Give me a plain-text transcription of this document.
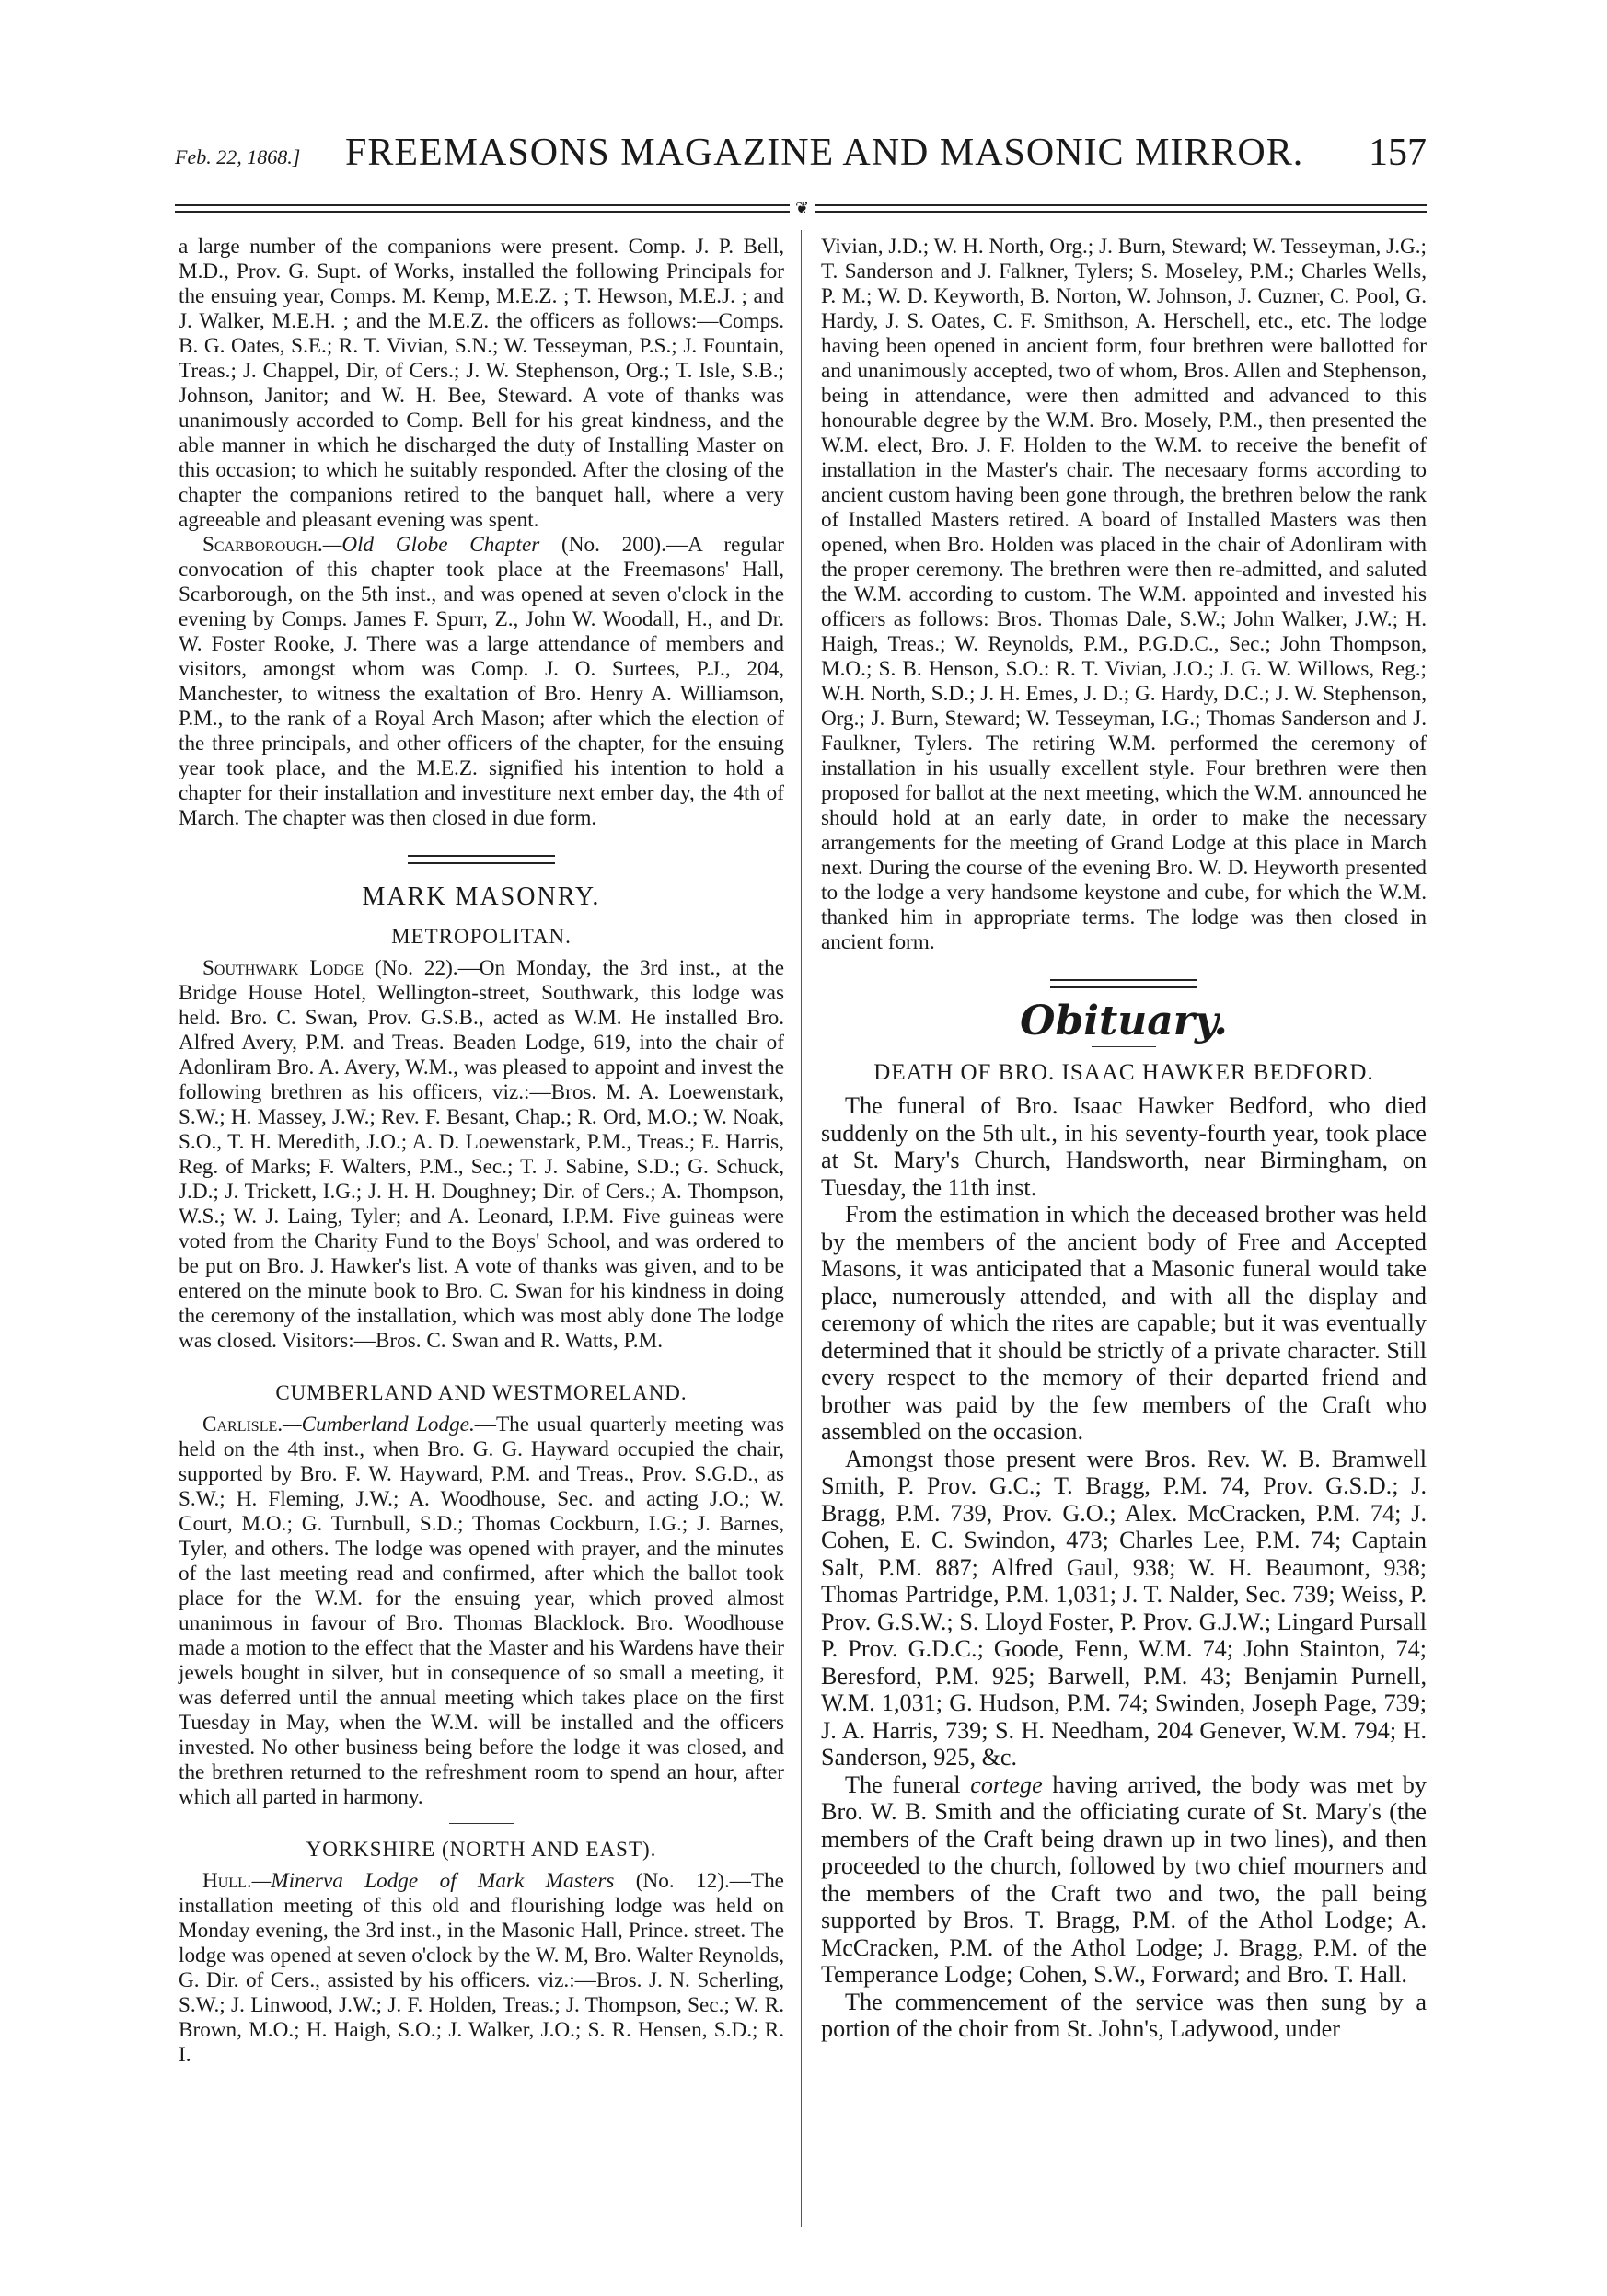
Feb. 22, 1868.] FREEMASONS MAGAZINE AND MASONIC MIRROR. 157
❦

a large number of the companions were present. Comp. J. P. Bell, M.D., Prov. G. Supt. of Works, installed the following Principals for the ensuing year, Comps. M. Kemp, M.E.Z. ; T. Hewson, M.E.J. ; and J. Walker, M.E.H. ; and the M.E.Z. the officers as follows:—Comps. B. G. Oates, S.E.; R. T. Vivian, S.N.; W. Tesseyman, P.S.; J. Fountain, Treas.; J. Chappel, Dir, of Cers.; J. W. Stephenson, Org.; T. Isle, S.B.; Johnson, Janitor; and W. H. Bee, Steward. A vote of thanks was unanimously accorded to Comp. Bell for his great kindness, and the able manner in which he discharged the duty of Installing Master on this occasion; to which he suitably responded. After the closing of the chapter the companions retired to the banquet hall, where a very agreeable and pleasant evening was spent.

Scarborough.—Old Globe Chapter (No. 200).—A regular convocation of this chapter took place at the Freemasons' Hall, Scarborough, on the 5th inst., and was opened at seven o'clock in the evening by Comps. James F. Spurr, Z., John W. Woodall, H., and Dr. W. Foster Rooke, J. There was a large attendance of members and visitors, amongst whom was Comp. J. O. Surtees, P.J., 204, Manchester, to witness the exaltation of Bro. Henry A. Williamson, P.M., to the rank of a Royal Arch Mason; after which the election of the three principals, and other officers of the chapter, for the ensuing year took place, and the M.E.Z. signified his intention to hold a chapter for their installation and investiture next ember day, the 4th of March. The chapter was then closed in due form.

MARK MASONRY.
METROPOLITAN.

Southwark Lodge (No. 22).—On Monday, the 3rd inst., at the Bridge House Hotel, Wellington-street, Southwark, this lodge was held. Bro. C. Swan, Prov. G.S.B., acted as W.M. He installed Bro. Alfred Avery, P.M. and Treas. Beaden Lodge, 619, into the chair of Adonliram Bro. A. Avery, W.M., was pleased to appoint and invest the following brethren as his officers, viz.:—Bros. M. A. Loewenstark, S.W.; H. Massey, J.W.; Rev. F. Besant, Chap.; R. Ord, M.O.; W. Noak, S.O., T. H. Meredith, J.O.; A. D. Loewenstark, P.M., Treas.; E. Harris, Reg. of Marks; F. Walters, P.M., Sec.; T. J. Sabine, S.D.; G. Schuck, J.D.; J. Trickett, I.G.; J. H. H. Doughney; Dir. of Cers.; A. Thompson, W.S.; W. J. Laing, Tyler; and A. Leonard, I.P.M. Five guineas were voted from the Charity Fund to the Boys' School, and was ordered to be put on Bro. J. Hawker's list. A vote of thanks was given, and to be entered on the minute book to Bro. C. Swan for his kindness in doing the ceremony of the installation, which was most ably done The lodge was closed. Visitors:—Bros. C. Swan and R. Watts, P.M.

CUMBERLAND AND WESTMORELAND.

Carlisle.—Cumberland Lodge.—The usual quarterly meeting was held on the 4th inst., when Bro. G. G. Hayward occupied the chair, supported by Bro. F. W. Hayward, P.M. and Treas., Prov. S.G.D., as S.W.; H. Fleming, J.W.; A. Woodhouse, Sec. and acting J.O.; W. Court, M.O.; G. Turnbull, S.D.; Thomas Cockburn, I.G.; J. Barnes, Tyler, and others. The lodge was opened with prayer, and the minutes of the last meeting read and confirmed, after which the ballot took place for the W.M. for the ensuing year, which proved almost unanimous in favour of Bro. Thomas Blacklock. Bro. Woodhouse made a motion to the effect that the Master and his Wardens have their jewels bought in silver, but in consequence of so small a meeting, it was deferred until the annual meeting which takes place on the first Tuesday in May, when the W.M. will be installed and the officers invested. No other business being before the lodge it was closed, and the brethren returned to the refreshment room to spend an hour, after which all parted in harmony.

YORKSHIRE (NORTH AND EAST).

Hull.—Minerva Lodge of Mark Masters (No. 12).—The installation meeting of this old and flourishing lodge was held on Monday evening, the 3rd inst., in the Masonic Hall, Prince. street. The lodge was opened at seven o'clock by the W. M, Bro. Walter Reynolds, G. Dir. of Cers., assisted by his officers. viz.:—Bros. J. N. Scherling, S.W.; J. Linwood, J.W.; J. F. Holden, Treas.; J. Thompson, Sec.; W. R. Brown, M.O.; H. Haigh, S.O.; J. Walker, J.O.; S. R. Hensen, S.D.; R. I.

Vivian, J.D.; W. H. North, Org.; J. Burn, Steward; W. Tesseyman, J.G.; T. Sanderson and J. Falkner, Tylers; S. Moseley, P.M.; Charles Wells, P. M.; W. D. Keyworth, B. Norton, W. Johnson, J. Cuzner, C. Pool, G. Hardy, J. S. Oates, C. F. Smithson, A. Herschell, etc., etc. The lodge having been opened in ancient form, four brethren were ballotted for and unanimously accepted, two of whom, Bros. Allen and Stephenson, being in attendance, were then admitted and advanced to this honourable degree by the W.M. Bro. Mosely, P.M., then presented the W.M. elect, Bro. J. F. Holden to the W.M. to receive the benefit of installation in the Master's chair. The necesaary forms according to ancient custom having been gone through, the brethren below the rank of Installed Masters retired. A board of Installed Masters was then opened, when Bro. Holden was placed in the chair of Adonliram with the proper ceremony. The brethren were then re-admitted, and saluted the W.M. according to custom. The W.M. appointed and invested his officers as follows: Bros. Thomas Dale, S.W.; John Walker, J.W.; H. Haigh, Treas.; W. Reynolds, P.M., P.G.D.C., Sec.; John Thompson, M.O.; S. B. Henson, S.O.: R. T. Vivian, J.O.; J. G. W. Willows, Reg.; W.H. North, S.D.; J. H. Emes, J. D.; G. Hardy, D.C.; J. W. Stephenson, Org.; J. Burn, Steward; W. Tesseyman, I.G.; Thomas Sanderson and J. Faulkner, Tylers. The retiring W.M. performed the ceremony of installation in his usually excellent style. Four brethren were then proposed for ballot at the next meeting, which the W.M. announced he should hold at an early date, in order to make the necessary arrangements for the meeting of Grand Lodge at this place in March next. During the course of the evening Bro. W. D. Heyworth presented to the lodge a very handsome keystone and cube, for which the W.M. thanked him in appropriate terms. The lodge was then closed in ancient form.

Obituary.
DEATH OF BRO. ISAAC HAWKER BEDFORD.

The funeral of Bro. Isaac Hawker Bedford, who died suddenly on the 5th ult., in his seventy-fourth year, took place at St. Mary's Church, Handsworth, near Birmingham, on Tuesday, the 11th inst.

From the estimation in which the deceased brother was held by the members of the ancient body of Free and Accepted Masons, it was anticipated that a Masonic funeral would take place, numerously attended, and with all the display and ceremony of which the rites are capable; but it was eventually determined that it should be strictly of a private character. Still every respect to the memory of their departed friend and brother was paid by the few members of the Craft who assembled on the occasion.

Amongst those present were Bros. Rev. W. B. Bramwell Smith, P. Prov. G.C.; T. Bragg, P.M. 74, Prov. G.S.D.; J. Bragg, P.M. 739, Prov. G.O.; Alex. McCracken, P.M. 74; J. Cohen, E. C. Swindon, 473; Charles Lee, P.M. 74; Captain Salt, P.M. 887; Alfred Gaul, 938; W. H. Beaumont, 938; Thomas Partridge, P.M. 1,031; J. T. Nalder, Sec. 739; Weiss, P. Prov. G.S.W.; S. Lloyd Foster, P. Prov. G.J.W.; Lingard Pursall P. Prov. G.D.C.; Goode, Fenn, W.M. 74; John Stainton, 74; Beresford, P.M. 925; Barwell, P.M. 43; Benjamin Purnell, W.M. 1,031; G. Hudson, P.M. 74; Swinden, Joseph Page, 739; J. A. Harris, 739; S. H. Needham, 204 Genever, W.M. 794; H. Sanderson, 925, &c.

The funeral cortege having arrived, the body was met by Bro. W. B. Smith and the officiating curate of St. Mary's (the members of the Craft being drawn up in two lines), and then proceeded to the church, followed by two chief mourners and the members of the Craft two and two, the pall being supported by Bros. T. Bragg, P.M. of the Athol Lodge; A. McCracken, P.M. of the Athol Lodge; J. Bragg, P.M. of the Temperance Lodge; Cohen, S.W., Forward; and Bro. T. Hall.

The commencement of the service was then sung by a portion of the choir from St. John's, Ladywood, under
